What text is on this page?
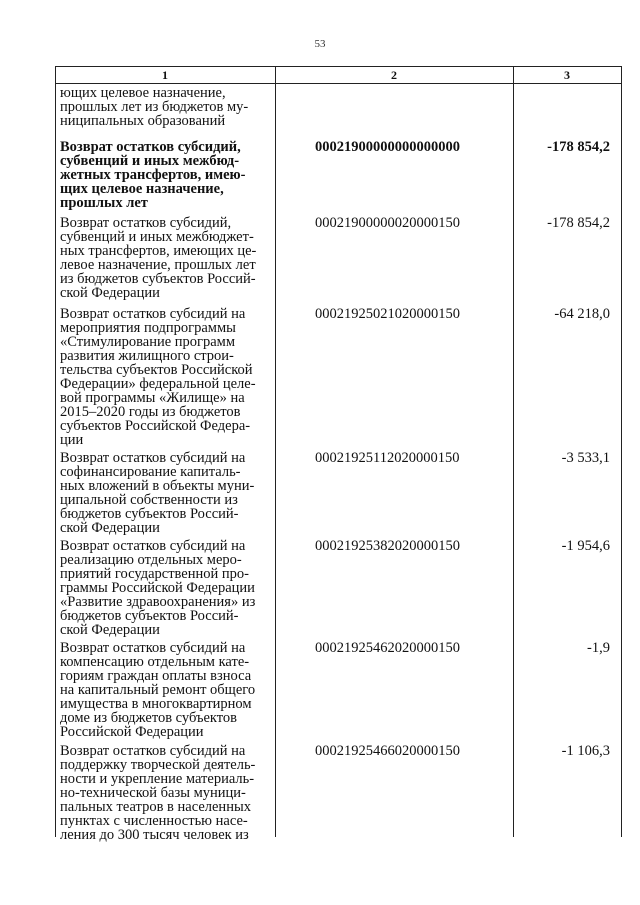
53
1	2	3
ющих целевое назначение,
прошлых лет из бюджетов му-
ниципальных образований
Возврат остатков субсидий,
субвенций и иных межбюд-
жетных трансфертов, имею-
щих целевое назначение,
прошлых лет
00021900000000000000	-178 854,2
Возврат остатков субсидий,
субвенций и иных межбюджет-
ных трансфертов, имеющих це-
левое назначение, прошлых лет
из бюджетов субъектов Россий-
ской Федерации
00021900000020000150	-178 854,2
Возврат остатков субсидий на
мероприятия подпрограммы
«Стимулирование программ
развития жилищного строи-
тельства субъектов Российской
Федерации» федеральной целе-
вой программы «Жилище» на
2015–2020 годы из бюджетов
субъектов Российской Федера-
ции
00021925021020000150	-64 218,0
Возврат остатков субсидий на
софинансирование капиталь-
ных вложений в объекты муни-
ципальной собственности из
бюджетов субъектов Россий-
ской Федерации
00021925112020000150	-3 533,1
Возврат остатков субсидий на
реализацию отдельных меро-
приятий государственной про-
граммы Российской Федерации
«Развитие здравоохранения» из
бюджетов субъектов Россий-
ской Федерации
00021925382020000150	-1 954,6
Возврат остатков субсидий на
компенсацию отдельным кате-
гориям граждан оплаты взноса
на капитальный ремонт общего
имущества в многоквартирном
доме из бюджетов субъектов
Российской Федерации
00021925462020000150	-1,9
Возврат остатков субсидий на
поддержку творческой деятель-
ности и укрепление материаль-
но-технической базы муници-
пальных театров в населенных
пунктах с численностью насе-
ления до 300 тысяч человек из
00021925466020000150	-1 106,3
